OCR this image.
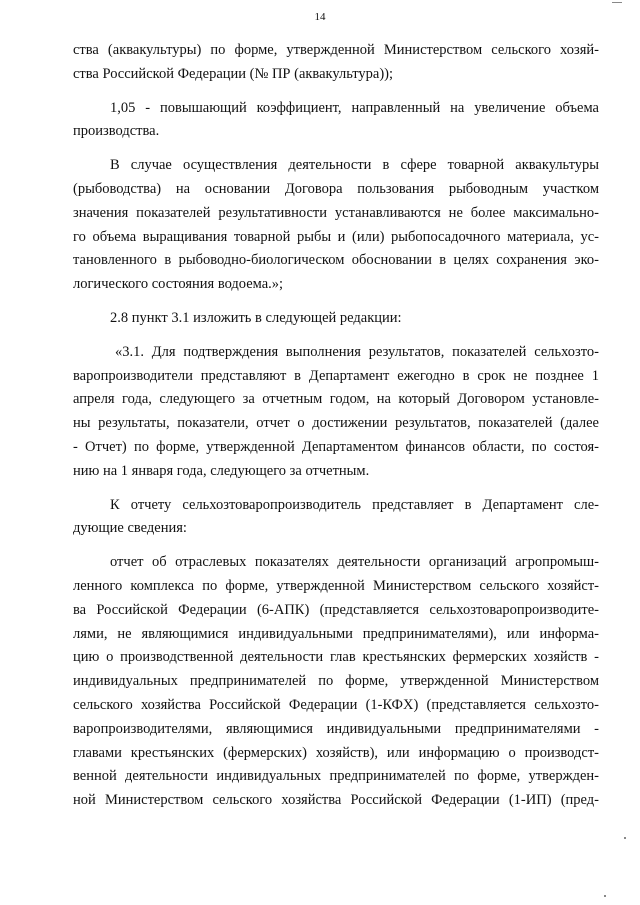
14

ства (аквакультуры) по форме, утвержденной Министерством сельского хозяй-

ства Российской Федерации (№ ПР (аквакультура));

1,05 - повышающий коэффициент, направленный на увеличение объема

производства.

В случае осуществления деятельности в сфере товарной аквакультуры

(рыбоводства) на основании Договора пользования рыбоводным участком

значения показателей результативности устанавливаются не более максимально-

го объема выращивания товарной рыбы и (или) рыбопосадочного материала, ус-

тановленного в рыбоводно-биологическом обосновании в целях сохранения эко-

логического состояния водоема.»;

2.8 пункт 3.1 изложить в следующей редакции:

«3.1. Для подтверждения выполнения результатов, показателей сельхозто-

варопроизводители представляют в Департамент ежегодно в срок не позднее 1

апреля года, следующего за отчетным годом, на который Договором установле-

ны результаты, показатели, отчет о достижении результатов, показателей (далее

- Отчет) по форме, утвержденной Департаментом финансов области, по состоя-

нию на 1 января года, следующего за отчетным.

К отчету сельхозтоваропроизводитель представляет в Департамент сле-

дующие сведения:

отчет об отраслевых показателях деятельности организаций агропромыш-

ленного комплекса по форме, утвержденной Министерством сельского хозяйст-

ва Российской Федерации (6-АПК) (представляется сельхозтоваропроизводите-

лями, не являющимися индивидуальными предпринимателями), или информа-

цию о производственной деятельности глав крестьянских фермерских хозяйств -

индивидуальных предпринимателей по форме, утвержденной Министерством

сельского хозяйства Российской Федерации (1-КФХ) (представляется сельхозто-

варопроизводителями, являющимися индивидуальными предпринимателями -

главами крестьянских (фермерских) хозяйств), или информацию о производст-

венной деятельности индивидуальных предпринимателей по форме, утвержден-

ной Министерством сельского хозяйства Российской Федерации (1-ИП) (пред-
